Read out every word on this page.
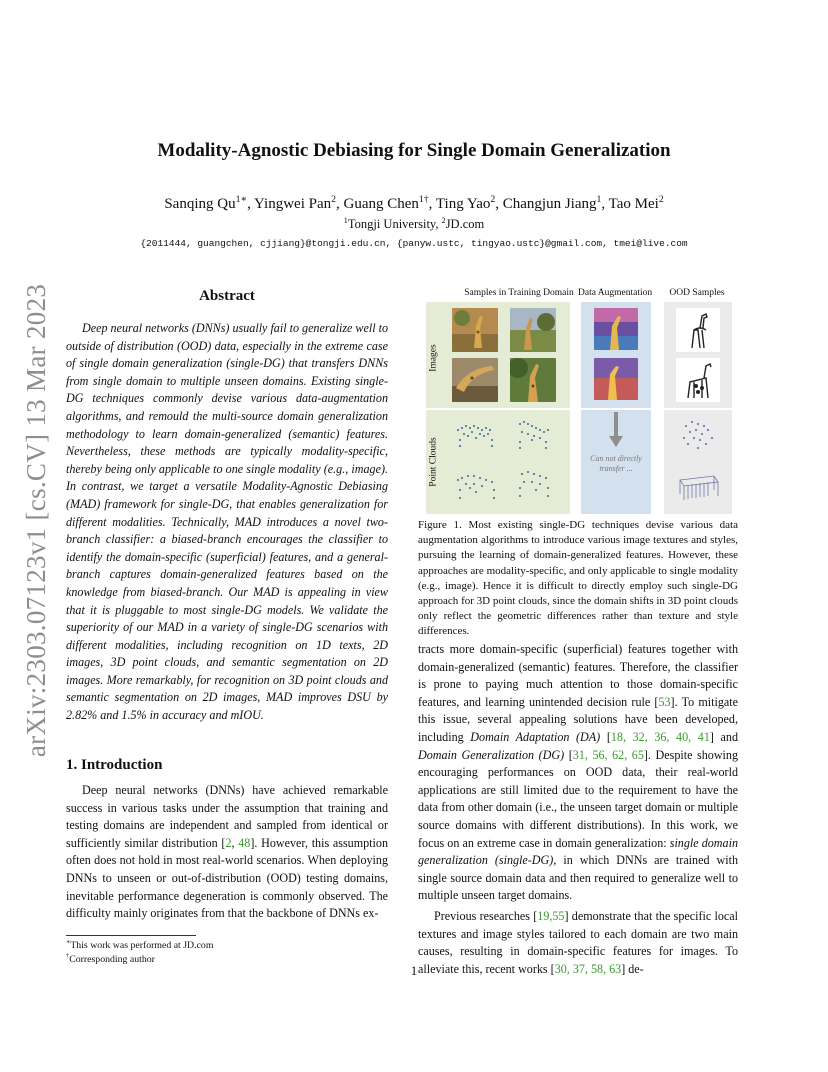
arXiv:2303.07123v1 [cs.CV] 13 Mar 2023
Modality-Agnostic Debiasing for Single Domain Generalization
Sanqing $Qu^{1∗}$, Yingwei Pan$^2$, Guang Chen$^{1\dagger}$, Ting Yao$^2$, Changjun Jiang$^1$, Tao Mei$^2$
$^1$Tongji University, $^2$JD.com
{2011444, guangchen, cjjiang}@tongji.edu.cn, {panyw.ustc, tingyao.ustc}@gmail.com, tmei@live.com
Abstract
Deep neural networks (DNNs) usually fail to generalize well to outside of distribution (OOD) data, especially in the extreme case of single domain generalization (single-DG) that transfers DNNs from single domain to multiple unseen domains. Existing single-DG techniques commonly devise various data-augmentation algorithms, and remould the multi-source domain generalization methodology to learn domain-generalized (semantic) features. Nevertheless, these methods are typically modality-specific, thereby being only applicable to one single modality (e.g., image). In contrast, we target a versatile Modality-Agnostic Debiasing (MAD) framework for single-DG, that enables generalization for different modalities. Technically, MAD introduces a novel two-branch classifier: a biased-branch encourages the classifier to identify the domain-specific (superficial) features, and a general-branch captures domain-generalized features based on the knowledge from biased-branch. Our MAD is appealing in view that it is pluggable to most single-DG models. We validate the superiority of our MAD in a variety of single-DG scenarios with different modalities, including recognition on 1D texts, 2D images, 3D point clouds, and semantic segmentation on 2D images. More remarkably, for recognition on 3D point clouds and semantic segmentation on 2D images, MAD improves DSU by 2.82% and 1.5% in accuracy and mIOU.
1. Introduction
Deep neural networks (DNNs) have achieved remarkable success in various tasks under the assumption that training and testing domains are independent and sampled from identical or sufficiently similar distribution [2, 48]. However, this assumption often does not hold in most real-world scenarios. When deploying DNNs to unseen or out-of-distribution (OOD) testing domains, inevitable performance degeneration is commonly observed. The difficulty mainly originates from that the backbone of DNNs ex-
∗This work was performed at JD.com
†Corresponding author
Samples in Training Domain Data Augmentation	OOD Samples
Images
Point Clouds	Can not directly transfer ...
Figure 1. Most existing single-DG techniques devise various data augmentation algorithms to introduce various image textures and styles, pursuing the learning of domain-generalized features. However, these approaches are modality-specific, and only applicable to single modality (e.g., image). Hence it is difficult to directly employ such single-DG approach for 3D point clouds, since the domain shifts in 3D point clouds only reflect the geometric differences rather than texture and style differences.

tracts more domain-specific (superficial) features together with domain-generalized (semantic) features. Therefore, the classifier is prone to paying much attention to those domain-specific features, and learning unintended decision rule [53]. To mitigate this issue, several appealing solutions have been developed, including Domain Adaptation (DA) [18, 32, 36, 40, 41] and Domain Generalization (DG) [31, 56, 62, 65]. Despite showing encouraging performances on OOD data, their real-world applications are still limited due to the requirement to have the data from other domain (i.e., the unseen target domain or multiple source domains with different distributions). In this work, we focus on an extreme case in domain generalization: single domain generalization (single-DG), in which DNNs are trained with single source domain data and then required to generalize well to multiple unseen target domains.

Previous researches [19,55] demonstrate that the specific local textures and image styles tailored to each domain are two main causes, resulting in domain-specific features for images. To alleviate this, recent works [30, 37, 58, 63] de-

1
